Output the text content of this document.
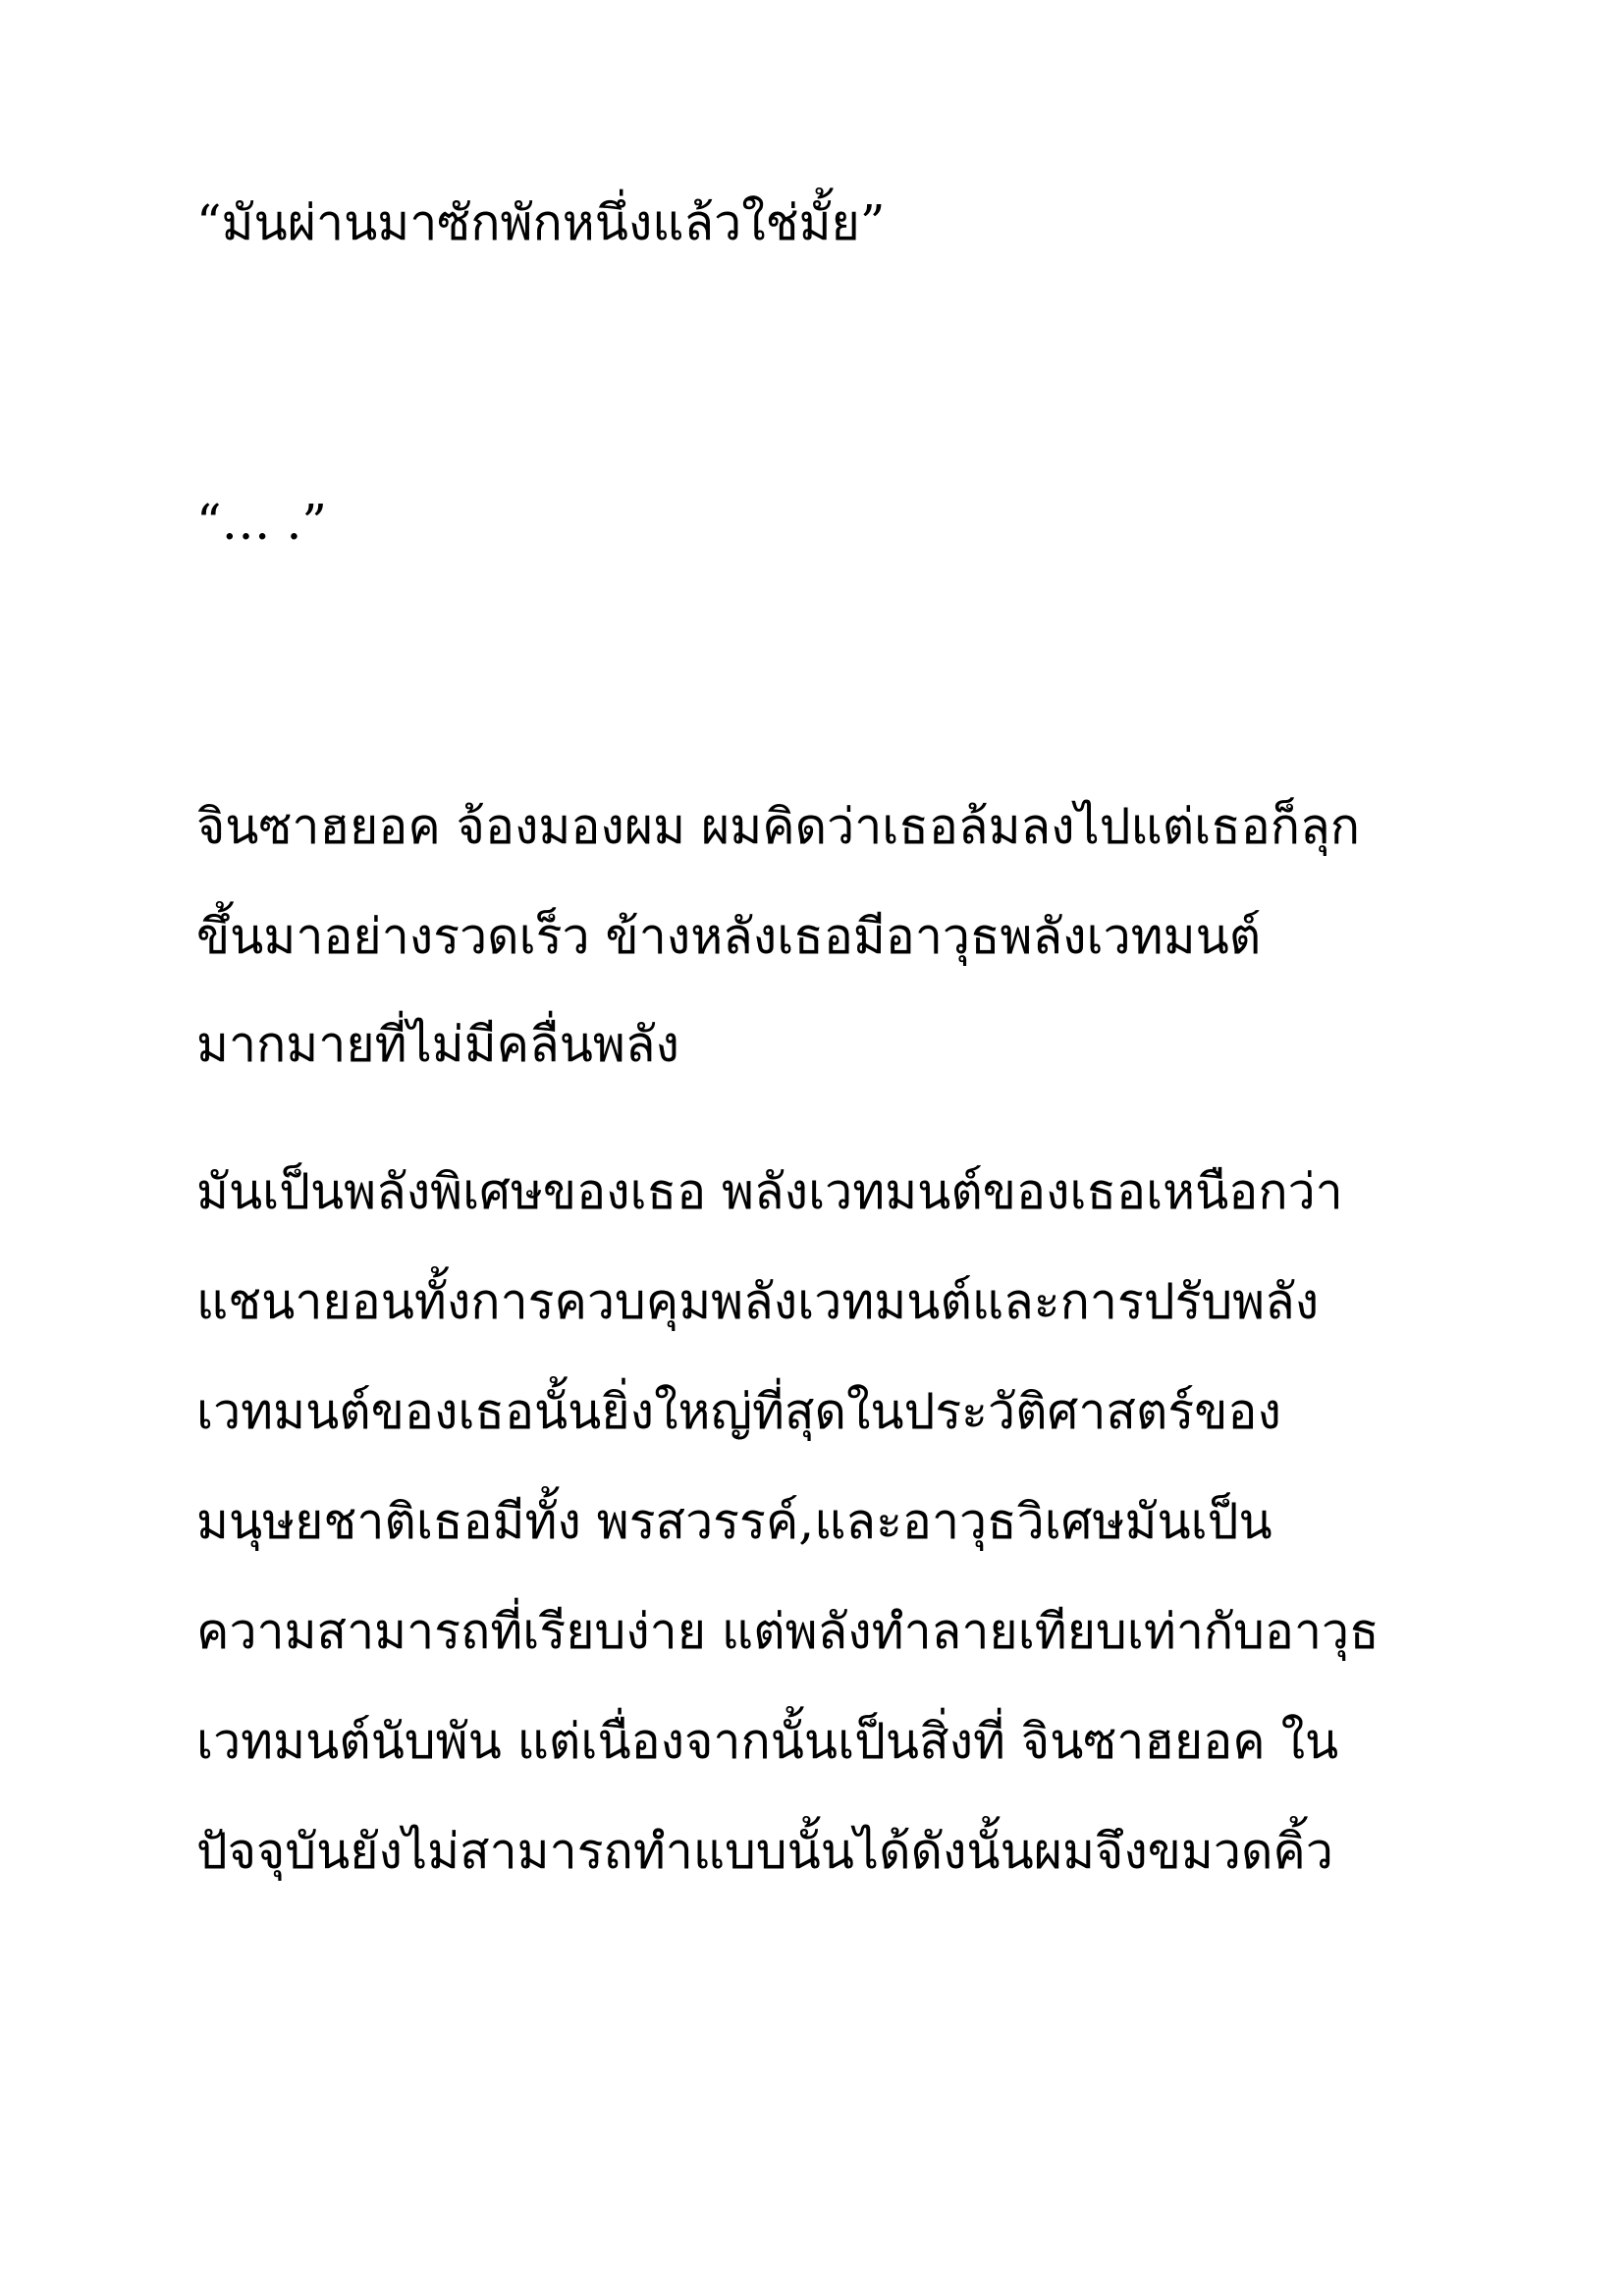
“มันผ่านมาซักพักหนึ่งแล้วใช่มั้ย”
“… .”
จินซาฮยอค จ้องมองผม ผมคิดว่าเธอล้มลงไปแต่เธอก็ลุก
ขึ้นมาอย่างรวดเร็ว ข้างหลังเธอมีอาวุธพลังเวทมนต์
มากมายที่ไม่มีคลื่นพลัง
มันเป็นพลังพิเศษของเธอ พลังเวทมนต์ของเธอเหนือกว่า
แชนายอนทั้งการควบคุมพลังเวทมนต์และการปรับพลัง
เวทมนต์ของเธอนั้นยิ่งใหญ่ที่สุดในประวัติศาสตร์ของ
มนุษยชาติเธอมีทั้ง พรสวรรค์,และอาวุธวิเศษมันเป็น
ความสามารถที่เรียบง่าย แต่พลังทำลายเทียบเท่ากับอาวุธ
เวทมนต์นับพัน แต่เนื่องจากนั้นเป็นสิ่งที่ จินซาฮยอค ใน
ปัจจุบันยังไม่สามารถทำแบบนั้นได้ดังนั้นผมจึงขมวดคิ้ว
